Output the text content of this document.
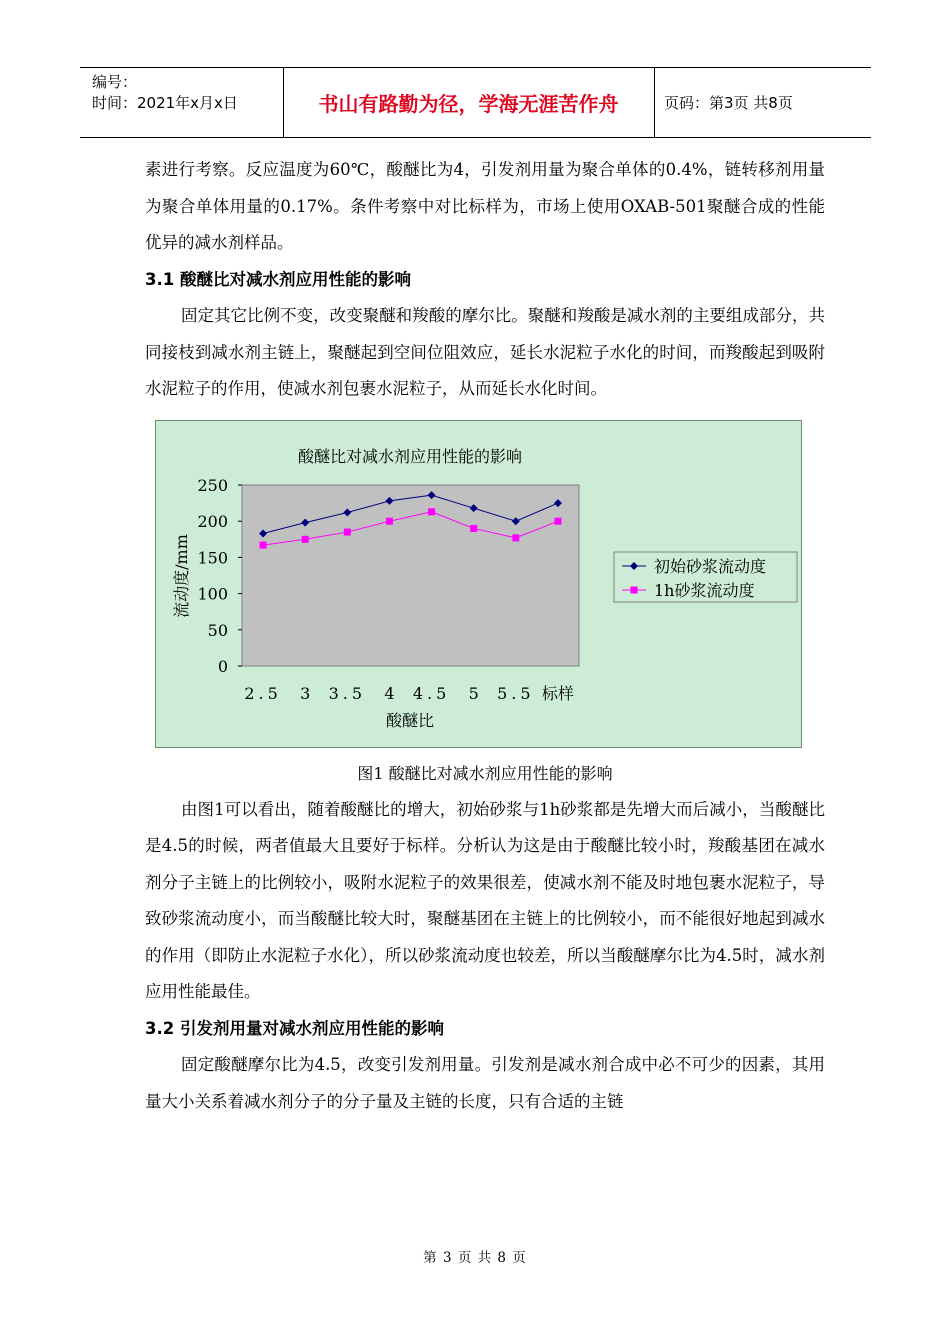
编号：
时间：2021年x月x日	书山有路勤为径，学海无涯苦作舟	页码：第3页 共8页

素进行考察。反应温度为60℃，酸醚比为4，引发剂用量为聚合单体的0.4%，链转移剂用量为聚合单体用量的0.17%。条件考察中对比标样为，市场上使用OXAB-501聚醚合成的性能优异的减水剂样品。

3.1 酸醚比对减水剂应用性能的影响

固定其它比例不变，改变聚醚和羧酸的摩尔比。聚醚和羧酸是减水剂的主要组成部分，共同接枝到减水剂主链上，聚醚起到空间位阻效应，延长水泥粒子水化的时间，而羧酸起到吸附水泥粒子的作用，使减水剂包裹水泥粒子，从而延长水化时间。

酸醚比对减水剂应用性能的影响
0
50
100
150
200
250
2.5 3 3.5 4 4.5 5 5.5 标样
酸醚比
流动度/mm	初始砂浆流动度
1h砂浆流动度

图1 酸醚比对减水剂应用性能的影响

由图1可以看出，随着酸醚比的增大，初始砂浆与1h砂浆都是先增大而后减小，当酸醚比是4.5的时候，两者值最大且要好于标样。分析认为这是由于酸醚比较小时，羧酸基团在减水剂分子主链上的比例较小，吸附水泥粒子的效果很差，使减水剂不能及时地包裹水泥粒子，导致砂浆流动度小，而当酸醚比较大时，聚醚基团在主链上的比例较小，而不能很好地起到减水的作用（即防止水泥粒子水化），所以砂浆流动度也较差，所以当酸醚摩尔比为4.5时，减水剂应用性能最佳。

3.2 引发剂用量对减水剂应用性能的影响

固定酸醚摩尔比为4.5，改变引发剂用量。引发剂是减水剂合成中必不可少的因素，其用量大小关系着减水剂分子的分子量及主链的长度，只有合适的主链

第 3 页 共 8 页
